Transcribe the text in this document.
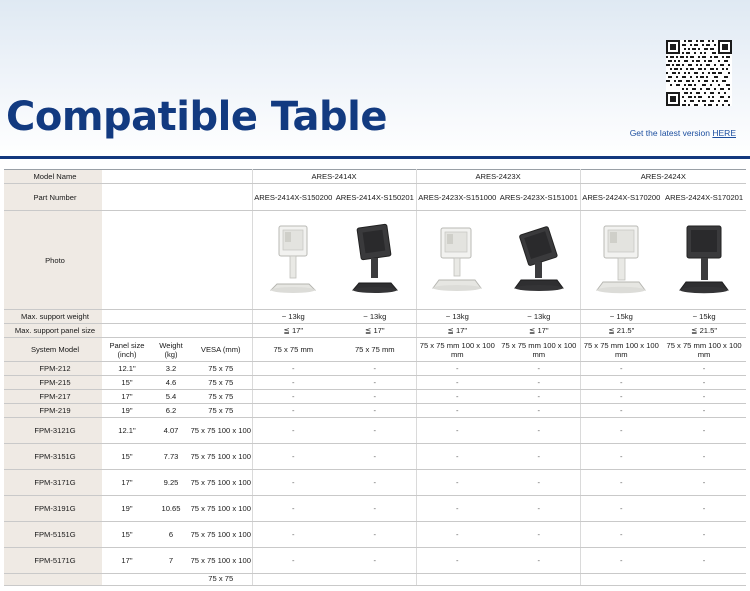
Compatible Table	Get the latest version HERE
Model Name				ARES-2414X		ARES-2423X		ARES-2424X	
Part Number				ARES-2414X-S150200	ARES-2414X-S150201	ARES-2423X-S151000	ARES-2423X-S151001	ARES-2424X-S170200	ARES-2424X-S170201
Photo		

Max. support weight				~ 13kg	~ 13kg	~ 13kg	~ 13kg	~ 15kg	~ 15kg
Max. support panel size				≦ 17"	≦ 17"	≦ 17"	≦ 17"	≦ 21.5"	≦ 21.5"
System Model	Panel size (inch)	Weight (kg)	VESA (mm)	75 x 75 mm	75 x 75 mm	75 x 75 mm 100 x 100 mm	75 x 75 mm 100 x 100 mm	75 x 75 mm 100 x 100 mm	75 x 75 mm 100 x 100 mm
FPM-212	12.1"	3.2	75 x 75	-	-	-	-	-	-
FPM-215	15"	4.6	75 x 75	-	-	-	-	-	-
FPM-217	17"	5.4	75 x 75	-	-	-	-	-	-
FPM-219	19"	6.2	75 x 75	-	-	-	-	-	-
FPM-3121G	12.1"	4.07	75 x 75 100 x 100	-	-	-	-	-	-
FPM-3151G	15"	7.73	75 x 75 100 x 100	-	-	-	-	-	-
FPM-3171G	17"	9.25	75 x 75 100 x 100	-	-	-	-	-	-
FPM-3191G	19"	10.65	75 x 75 100 x 100	-	-	-	-	-	-
FPM-5151G	15"	6	75 x 75 100 x 100	-	-	-	-	-	-
FPM-5171G	17"	7	75 x 75 100 x 100	-	-	-	-	-	-
			75 x 75						
